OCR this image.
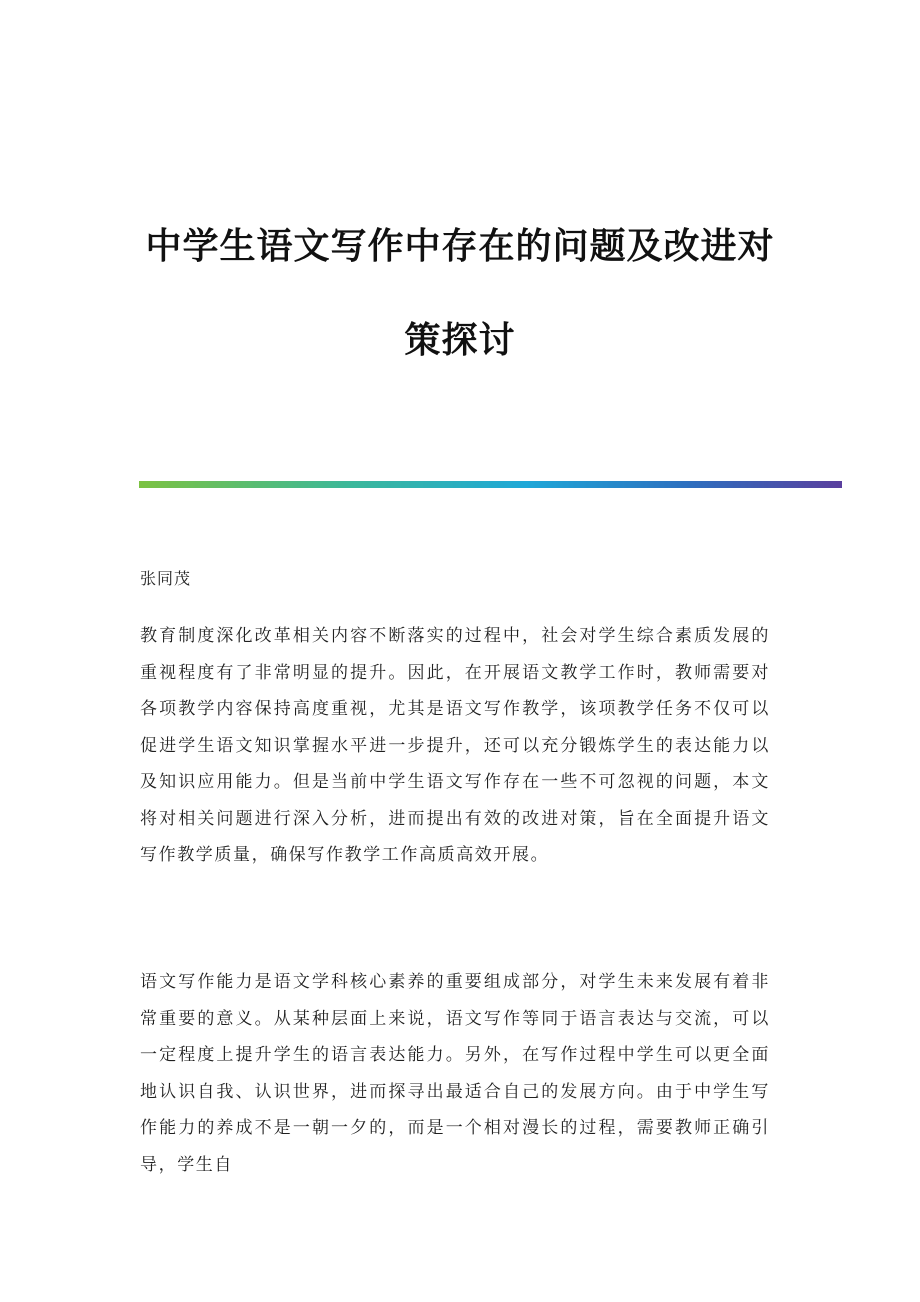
中学生语文写作中存在的问题及改进对
策探讨
张同茂

教育制度深化改革相关内容不断落实的过程中，社会对学生综合素质发展的重视程度有了非常明显的提升。因此，在开展语文教学工作时，教师需要对各项教学内容保持高度重视，尤其是语文写作教学，该项教学任务不仅可以促进学生语文知识掌握水平进一步提升，还可以充分锻炼学生的表达能力以及知识应用能力。但是当前中学生语文写作存在一些不可忽视的问题，本文将对相关问题进行深入分析，进而提出有效的改进对策，旨在全面提升语文写作教学质量，确保写作教学工作高质高效开展。

语文写作能力是语文学科核心素养的重要组成部分，对学生未来发展有着非常重要的意义。从某种层面上来说，语文写作等同于语言表达与交流，可以一定程度上提升学生的语言表达能力。另外，在写作过程中学生可以更全面地认识自我、认识世界，进而探寻出最适合自己的发展方向。由于中学生写作能力的养成不是一朝一夕的，而是一个相对漫长的过程，需要教师正确引导，学生自
